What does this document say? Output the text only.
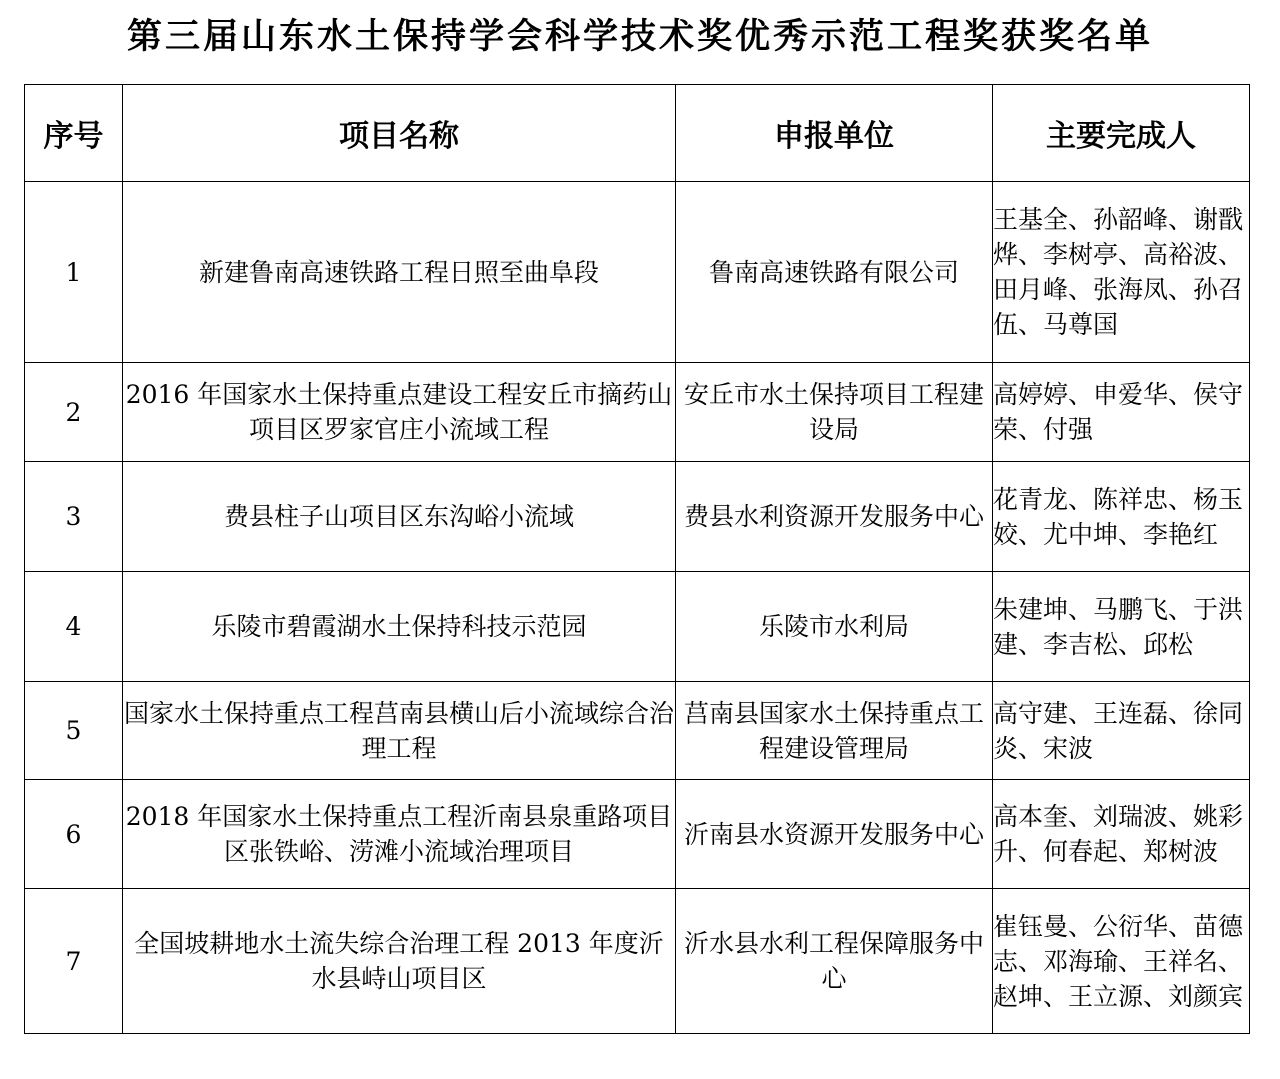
第三届山东水土保持学会科学技术奖优秀示范工程奖获奖名单
序号	项目名称	申报单位	主要完成人
1	新建鲁南高速铁路工程日照至曲阜段	鲁南高速铁路有限公司	王基全、孙韶峰、谢戬烨、李树亭、高裕波、田月峰、张海凤、孙召伍、马尊国
2	2016 年国家水土保持重点建设工程安丘市摘药山项目区罗家官庄小流域工程	安丘市水土保持项目工程建设局	高婷婷、申爱华、侯守荣、付强
3	费县柱子山项目区东沟峪小流域	费县水利资源开发服务中心	花青龙、陈祥忠、杨玉姣、尤中坤、李艳红
4	乐陵市碧霞湖水土保持科技示范园	乐陵市水利局	朱建坤、马鹏飞、于洪建、李吉松、邱松
5	国家水土保持重点工程莒南县横山后小流域综合治理工程	莒南县国家水土保持重点工程建设管理局	高守建、王连磊、徐同炎、宋波
6	2018 年国家水土保持重点工程沂南县泉重路项目区张铁峪、涝滩小流域治理项目	沂南县水资源开发服务中心	高本奎、刘瑞波、姚彩升、何春起、郑树波
7	全国坡耕地水土流失综合治理工程 2013 年度沂水县峙山项目区	沂水县水利工程保障服务中心	崔钰曼、公衍华、苗德志、邓海瑜、王祥名、赵坤、王立源、刘颜宾
